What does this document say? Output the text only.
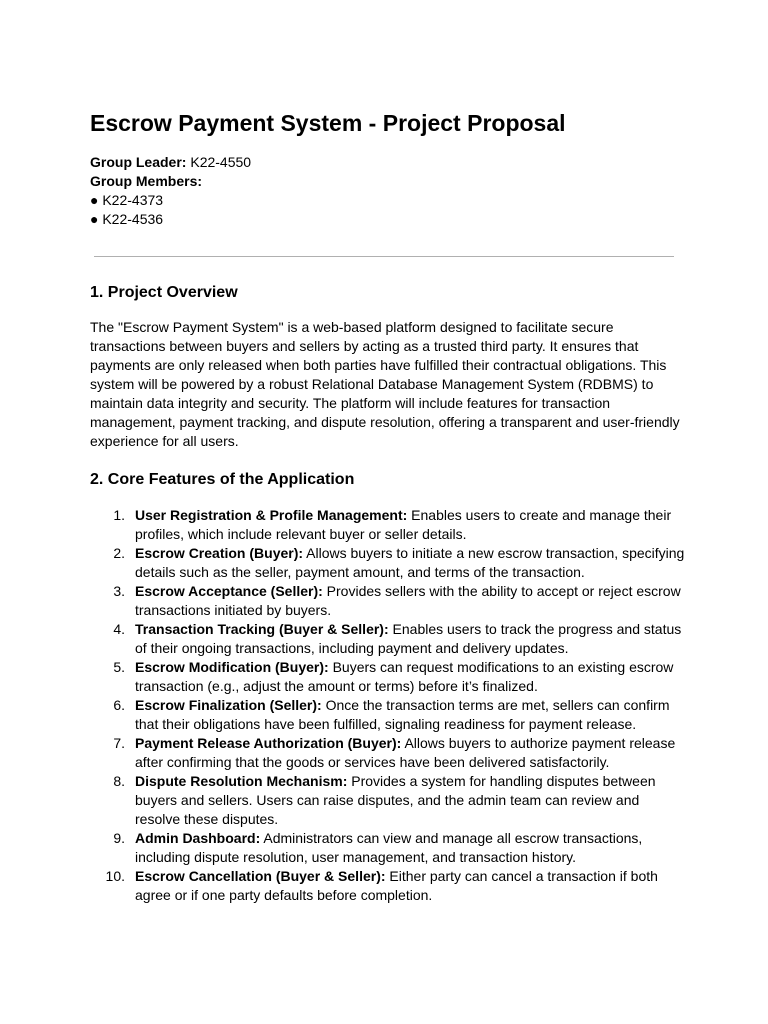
Escrow Payment System - Project Proposal
Group Leader: K22-4550
Group Members:
● K22-4373
● K22-4536
1. Project Overview

The "Escrow Payment System" is a web-based platform designed to facilitate secure
transactions between buyers and sellers by acting as a trusted third party. It ensures that
payments are only released when both parties have fulfilled their contractual obligations. This
system will be powered by a robust Relational Database Management System (RDBMS) to
maintain data integrity and security. The platform will include features for transaction
management, payment tracking, and dispute resolution, offering a transparent and user-friendly
experience for all users.

2. Core Features of the Application
1. User Registration & Profile Management: Enables users to create and manage their
profiles, which include relevant buyer or seller details.
2. Escrow Creation (Buyer): Allows buyers to initiate a new escrow transaction, specifying
details such as the seller, payment amount, and terms of the transaction.
3. Escrow Acceptance (Seller): Provides sellers with the ability to accept or reject escrow
transactions initiated by buyers.
4. Transaction Tracking (Buyer & Seller): Enables users to track the progress and status
of their ongoing transactions, including payment and delivery updates.
5. Escrow Modification (Buyer): Buyers can request modifications to an existing escrow
transaction (e.g., adjust the amount or terms) before it’s finalized.
6. Escrow Finalization (Seller): Once the transaction terms are met, sellers can confirm
that their obligations have been fulfilled, signaling readiness for payment release.
7. Payment Release Authorization (Buyer): Allows buyers to authorize payment release
after confirming that the goods or services have been delivered satisfactorily.
8. Dispute Resolution Mechanism: Provides a system for handling disputes between
buyers and sellers. Users can raise disputes, and the admin team can review and
resolve these disputes.
9. Admin Dashboard: Administrators can view and manage all escrow transactions,
including dispute resolution, user management, and transaction history.
10. Escrow Cancellation (Buyer & Seller): Either party can cancel a transaction if both
agree or if one party defaults before completion.
